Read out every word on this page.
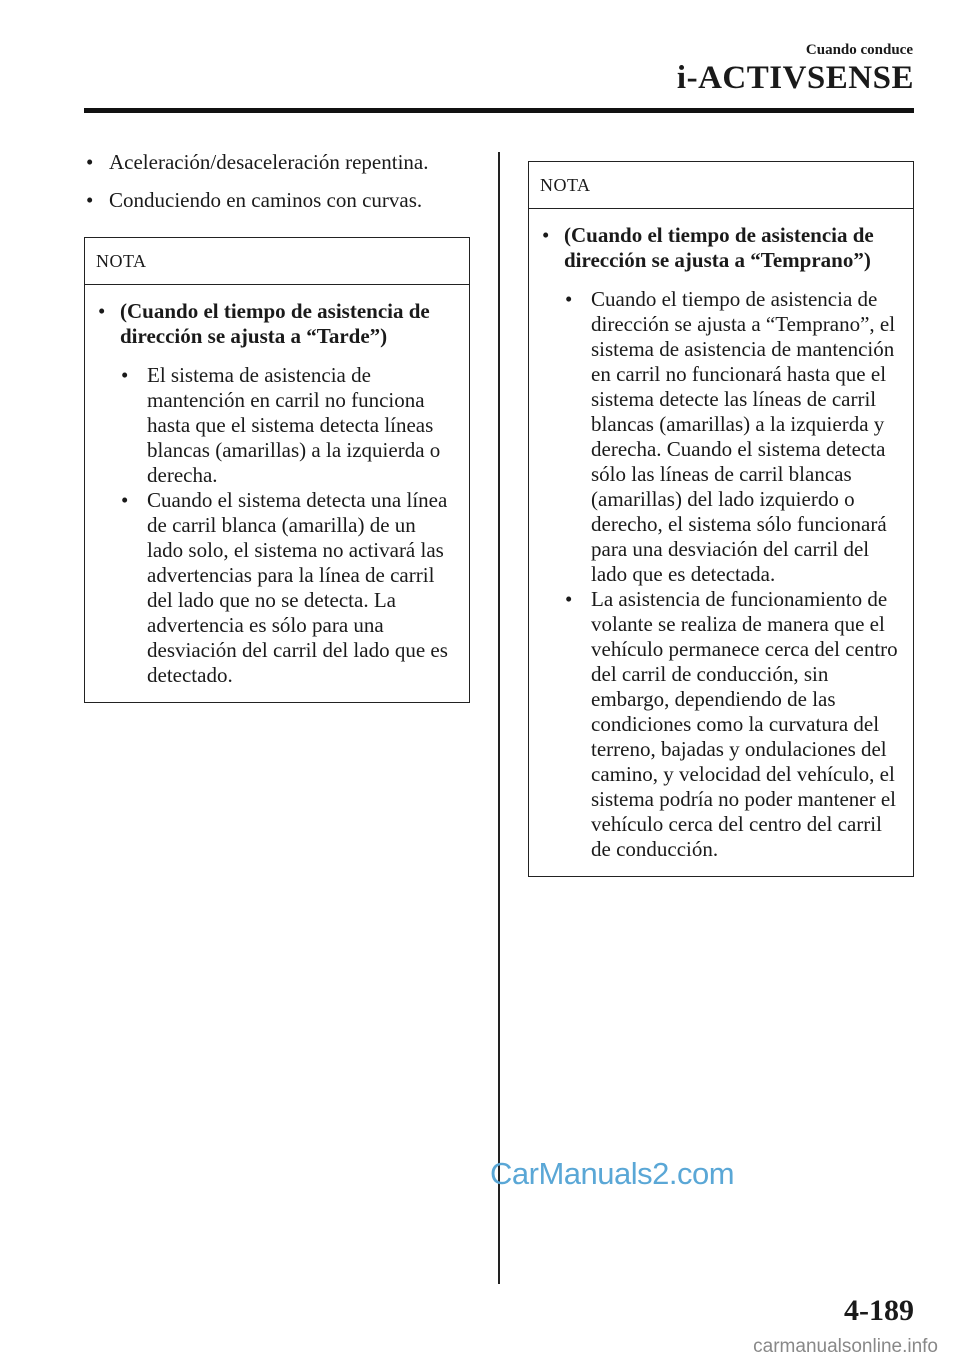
Cuando conduce
i-ACTIVSENSE
• Aceleración/desaceleración repentina.
• Conduciendo en caminos con curvas.
NOTA
• (Cuando el tiempo de asistencia de dirección se ajusta a “Tarde”)
• El sistema de asistencia de mantención en carril no funciona hasta que el sistema detecta líneas blancas (amarillas) a la izquierda o derecha.
• Cuando el sistema detecta una línea de carril blanca (amarilla) de un lado solo, el sistema no activará las advertencias para la línea de carril del lado que no se detecta. La advertencia es sólo para una desviación del carril del lado que es detectado.
NOTA
• (Cuando el tiempo de asistencia de dirección se ajusta a “Temprano”)
• Cuando el tiempo de asistencia de dirección se ajusta a “Temprano”, el sistema de asistencia de mantención en carril no funcionará hasta que el sistema detecte las líneas de carril blancas (amarillas) a la izquierda y derecha. Cuando el sistema detecta sólo las líneas de carril blancas (amarillas) del lado izquierdo o derecho, el sistema sólo funcionará para una desviación del carril del lado que es detectada.
• La asistencia de funcionamiento de volante se realiza de manera que el vehículo permanece cerca del centro del carril de conducción, sin embargo, dependiendo de las condiciones como la curvatura del terreno, bajadas y ondulaciones del camino, y velocidad del vehículo, el sistema podría no poder mantener el vehículo cerca del centro del carril de conducción.
CarManuals2.com
4-189
carmanualsonline.info
